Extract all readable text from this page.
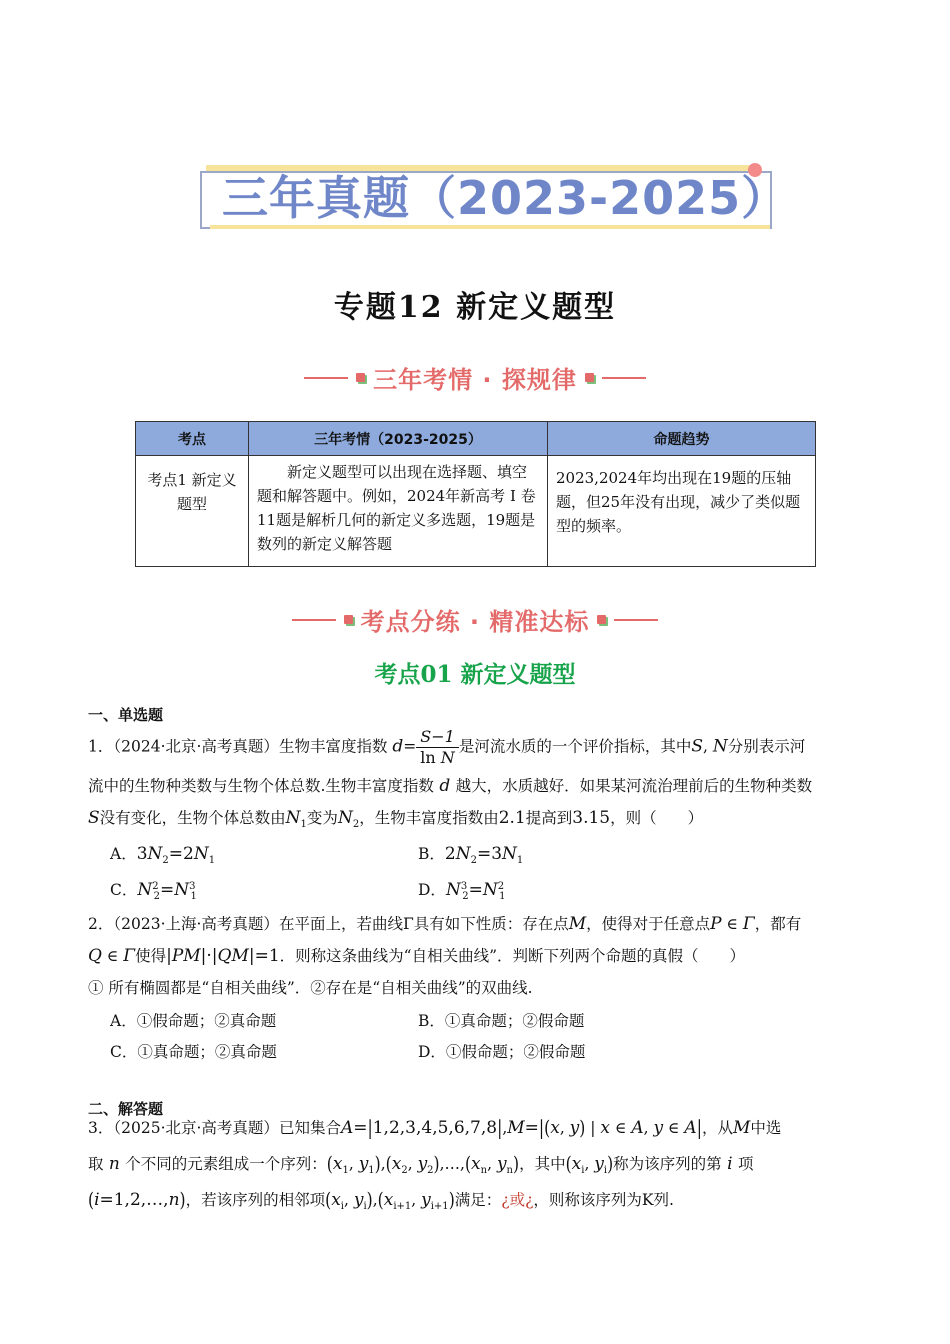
三年真题（2023-2025）
专题12 新定义题型
三年考情 · 探规律
考点	三年考情（2023-2025）	命题趋势
考点1 新定义题型	新定义题型可以出现在选择题、填空题和解答题中。例如，2024年新高考 Ⅰ 卷 11题是解析几何的新定义多选题，19题是数列的新定义解答题	2023,2024年均出现在19题的压轴题，但25年没有出现，减少了类似题型的频率。
考点分练 · 精准达标
考点01 新定义题型
一、单选题
1．（2024·北京·高考真题）生物丰富度指数 $d= \frac{S-1}{\text{ln N}}$ 是河流水质的一个评价指标，其中S, N分别表示河
流中的生物种类数与生物个体总数.生物丰富度指数 d 越大，水质越好．如果某河流治理前后的生物种类数
S没有变化，生物个体总数由$N_1$变为$N_2$，生物丰富度指数由2.1提高到3.15，则（　　）
A．$3N_2=2N_1$	B．$2N_2=3N_1$
C．$N^2_2=N^3_1$	D．$N^3_2=N^2_1$
2．（2023·上海·高考真题）在平面上，若曲线Γ具有如下性质：存在点M，使得对于任意点P ∈ Γ，都有
Q ∈ Γ使得|PM|·|QM|=1．则称这条曲线为“自相关曲线”．判断下列两个命题的真假（　　）
① 所有椭圆都是“自相关曲线”．②存在是“自相关曲线”的双曲线.
A．①假命题；②真命题	B．①真命题；②假命题
C．①真命题；②真命题	D．①假命题；②假命题
二、解答题
3．（2025·北京·高考真题）已知集合A=|1,2,3,4,5,6,7,8|,M=|(x, y) | x ∈ A, y ∈ A|，从M中选
取 n 个不同的元素组成一个序列：($x_1$, $y_1),(x_2$, $y_2),\dots,(x_n$, $y_n$)，其中($x_i$, $y_i$)称为该序列的第 i 项
(i=1,2,…,n)，若该序列的相邻项($x_i$, $y_i),(x_{i+1}$, $y_{i+1}$)满足：¿或¿，则称该序列为K列.
